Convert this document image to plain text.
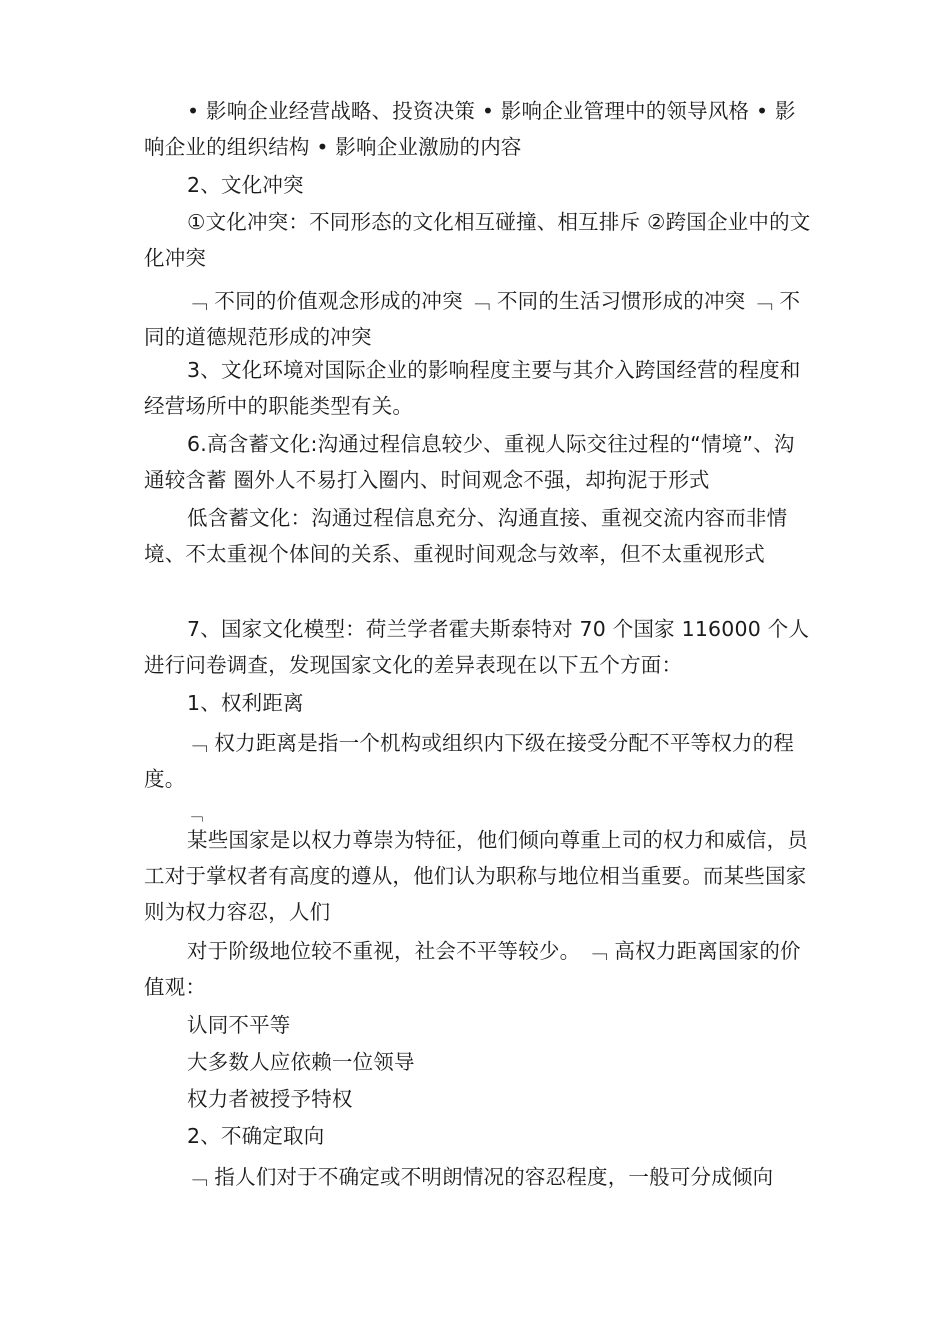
• 影响企业经营战略、投资决策 • 影响企业管理中的领导风格 • 影响企业的组织结构 • 影响企业激励的内容

2、文化冲突

①文化冲突：不同形态的文化相互碰撞、相互排斥 ②跨国企业中的文化冲突

﹁ 不同的价值观念形成的冲突 ﹁ 不同的生活习惯形成的冲突 ﹁ 不同的道德规范形成的冲突

3、文化环境对国际企业的影响程度主要与其介入跨国经营的程度和经营场所中的职能类型有关。

6.高含蓄文化:沟通过程信息较少、重视人际交往过程的“情境”、沟通较含蓄 圈外人不易打入圈内、时间观念不强，却拘泥于形式

低含蓄文化：沟通过程信息充分、沟通直接、重视交流内容而非情境、不太重视个体间的关系、重视时间观念与效率，但不太重视形式

7、国家文化模型：荷兰学者霍夫斯泰特对 70 个国家 116000 个人进行问卷调查，发现国家文化的差异表现在以下五个方面：

1、权利距离

﹁ 权力距离是指一个机构或组织内下级在接受分配不平等权力的程度。

﹁

某些国家是以权力尊崇为特征，他们倾向尊重上司的权力和威信，员工对于掌权者有高度的遵从，他们认为职称与地位相当重要。而某些国家则为权力容忍，人们

对于阶级地位较不重视，社会不平等较少。 ﹁ 高权力距离国家的价值观：

认同不平等

大多数人应依赖一位领导

权力者被授予特权

2、不确定取向

﹁ 指人们对于不确定或不明朗情况的容忍程度，一般可分成倾向
